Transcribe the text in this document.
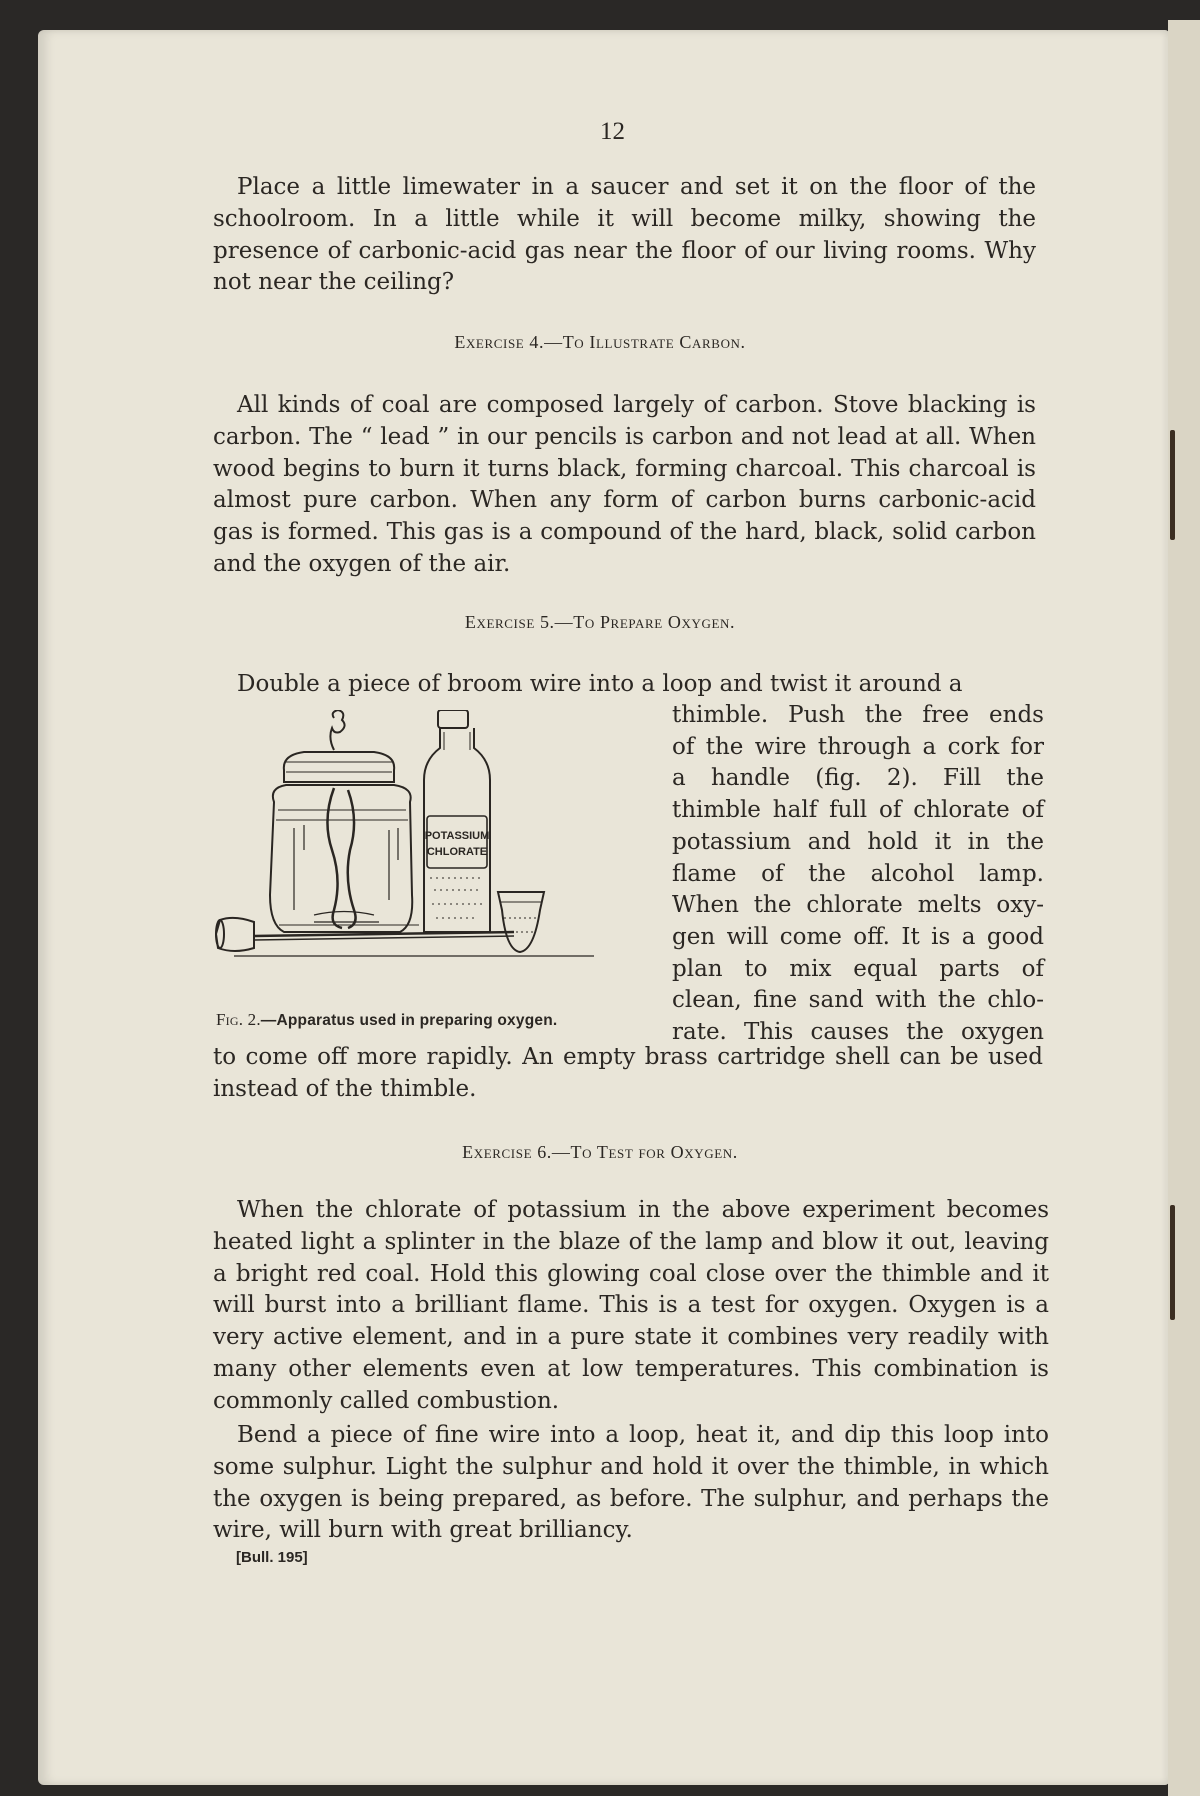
12
Place a little limewater in a saucer and set it on the floor of the schoolroom. In a little while it will become milky, showing the presence of carbonic-acid gas near the floor of our living rooms. Why not near the ceiling?
Exercise 4.—To Illustrate Carbon.
All kinds of coal are composed largely of carbon. Stove blacking is carbon. The “ lead ” in our pencils is carbon and not lead at all. When wood begins to burn it turns black, forming charcoal. This charcoal is almost pure carbon. When any form of carbon burns carbonic-acid gas is formed. This gas is a compound of the hard, black, solid carbon and the oxygen of the air.
Exercise 5.—To Prepare Oxygen.
Double a piece of broom wire into a loop and twist it around a
thimble. Push the free ends
of the wire through a cork for
a handle (fig. 2). Fill the
thimble half full of chlorate of
potassium and hold it in the
flame of the alcohol lamp.
When the chlorate melts oxy-
gen will come off. It is a good
plan to mix equal parts of
clean, fine sand with the chlo-
rate. This causes the oxygen
POTASSIUM
CHLORATE
Fig. 2.—Apparatus used in preparing oxygen.
to come off more rapidly. An empty brass cartridge shell can be used instead of the thimble.
Exercise 6.—To Test for Oxygen.
When the chlorate of potassium in the above experiment becomes heated light a splinter in the blaze of the lamp and blow it out, leaving a bright red coal. Hold this glowing coal close over the thimble and it will burst into a brilliant flame. This is a test for oxygen. Oxygen is a very active element, and in a pure state it combines very readily with many other elements even at low temperatures. This combination is commonly called combustion.
Bend a piece of fine wire into a loop, heat it, and dip this loop into some sulphur. Light the sulphur and hold it over the thimble, in which the oxygen is being prepared, as before. The sulphur, and perhaps the wire, will burn with great brilliancy.
[Bull. 195]
